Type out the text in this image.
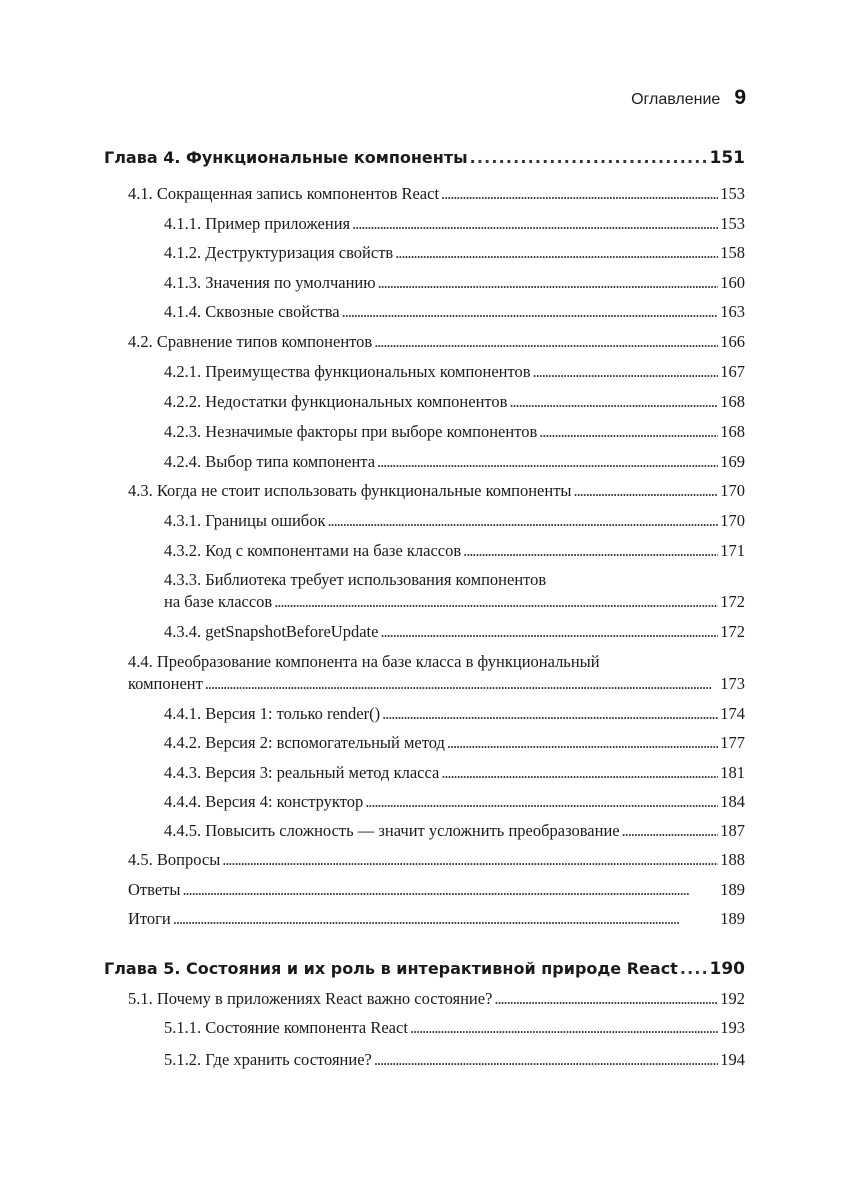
Оглавление 9
Глава 4. Функциональные компоненты . . .	151
4.1. Сокращенная запись компонентов React . . .	153
4.1.1. Пример приложения . . .	153
4.1.2. Деструктуризация свойств . . .	158
4.1.3. Значения по умолчанию . . .	160
4.1.4. Сквозные свойства . . .	163
4.2. Сравнение типов компонентов . . .	166
4.2.1. Преимущества функциональных компонентов . . .	167
4.2.2. Недостатки функциональных компонентов . . .	168
4.2.3. Незначимые факторы при выборе компонентов . . .	168
4.2.4. Выбор типа компонента . . .	169
4.3. Когда не стоит использовать функциональные компоненты . . .	170
4.3.1. Границы ошибок . . .	170
4.3.2. Код с компонентами на базе классов . . .	171
4.3.3. Библиотека требует использования компонентов
на базе классов . . .	172
4.3.4. getSnapshotBeforeUpdate . . .	172
4.4. Преобразование компонента на базе класса в функциональный
компонент . . .	173
4.4.1. Версия 1: только render() . . .	174
4.4.2. Версия 2: вспомогательный метод . . .	177
4.4.3. Версия 3: реальный метод класса . . .	181
4.4.4. Версия 4: конструктор . . .	184
4.4.5. Повысить сложность — значит усложнить преобразование . . .	187
4.5. Вопросы . . .	188
Ответы . . .	189
Итоги . . .	189
Глава 5. Состояния и их роль в интерактивной природе React . . . 190
5.1. Почему в приложениях React важно состояние? . . .	192
5.1.1. Состояние компонента React . . .	193
5.1.2. Где хранить состояние? . . .	194
